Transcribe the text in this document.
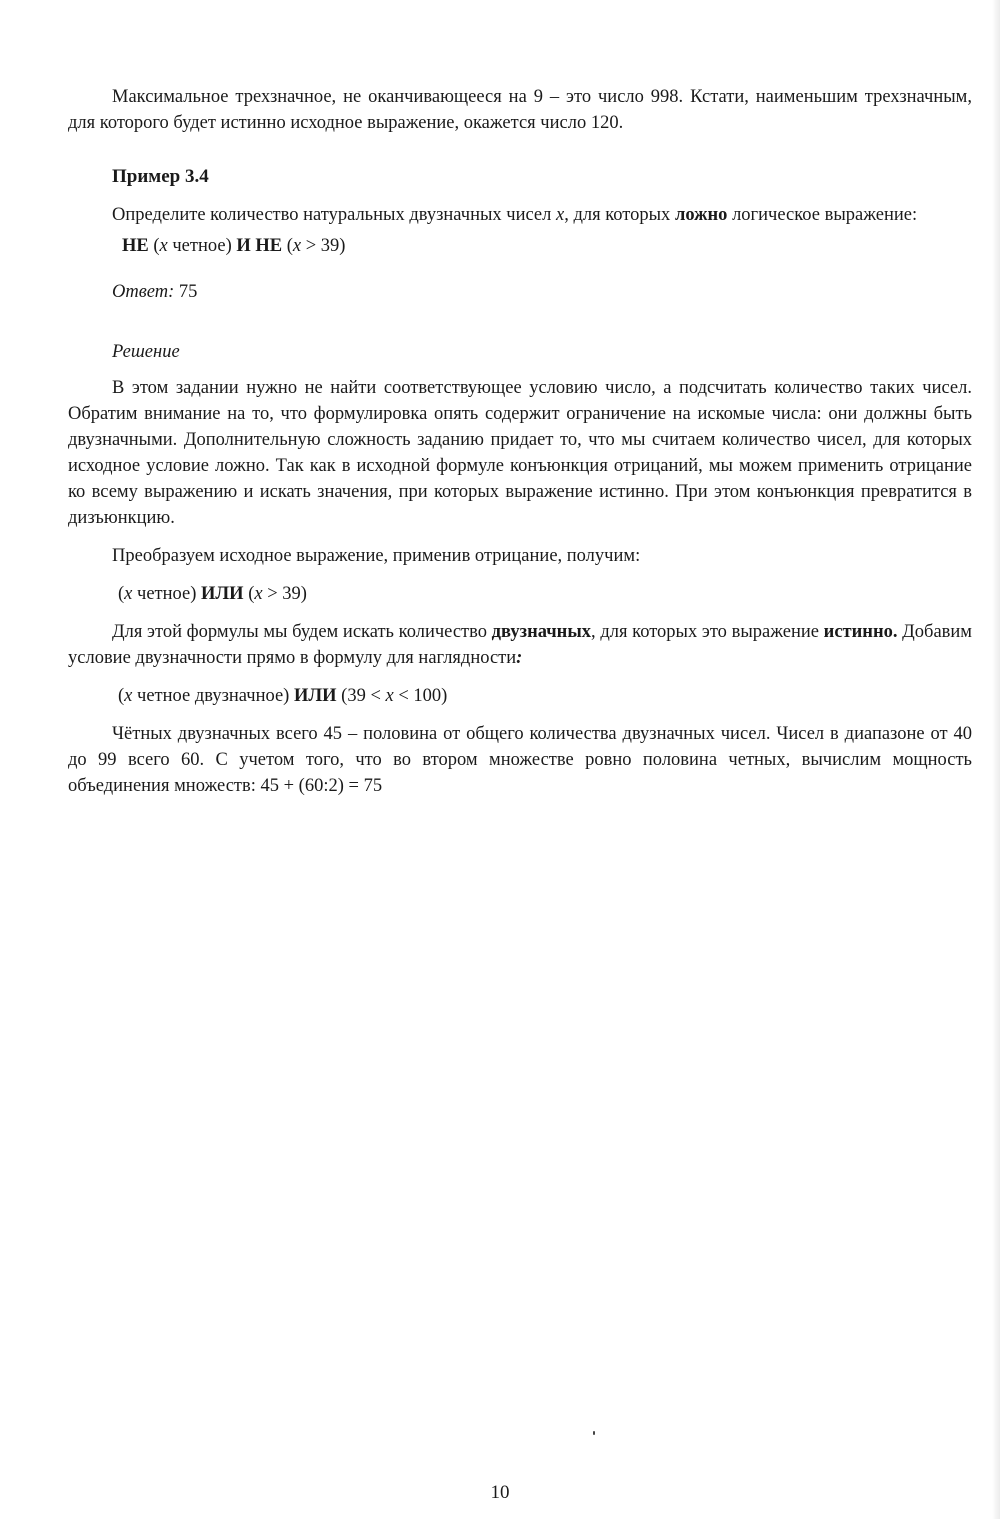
Максимальное трехзначное, не оканчивающееся на 9 – это число 998. Кстати, наименьшим трехзначным, для которого будет истинно исходное выражение, окажется число 120.

Пример 3.4

Определите количество натуральных двузначных чисел x, для которых ложно логическое выражение:

НЕ (x четное) И НЕ (x > 39)

Ответ: 75

Решение

В этом задании нужно не найти соответствующее условию число, а подсчитать количество таких чисел. Обратим внимание на то, что формулировка опять содержит ограничение на искомые числа: они должны быть двузначными. Дополнительную сложность заданию придает то, что мы считаем количество чисел, для которых исходное условие ложно. Так как в исходной формуле конъюнкция отрицаний, мы можем применить отрицание ко всему выражению и искать значения, при которых выражение истинно. При этом конъюнкция превратится в дизъюнкцию.

Преобразуем исходное выражение, применив отрицание, получим:

(x четное) ИЛИ (x > 39)

Для этой формулы мы будем искать количество двузначных, для которых это выражение истинно. Добавим условие двузначности прямо в формулу для наглядности:

(x четное двузначное) ИЛИ (39 < x < 100)

Чётных двузначных всего 45 – половина от общего количества двузначных чисел. Чисел в диапазоне от 40 до 99 всего 60. С учетом того, что во втором множестве ровно половина четных, вычислим мощность объединения множеств: 45 + (60:2) = 75

10
